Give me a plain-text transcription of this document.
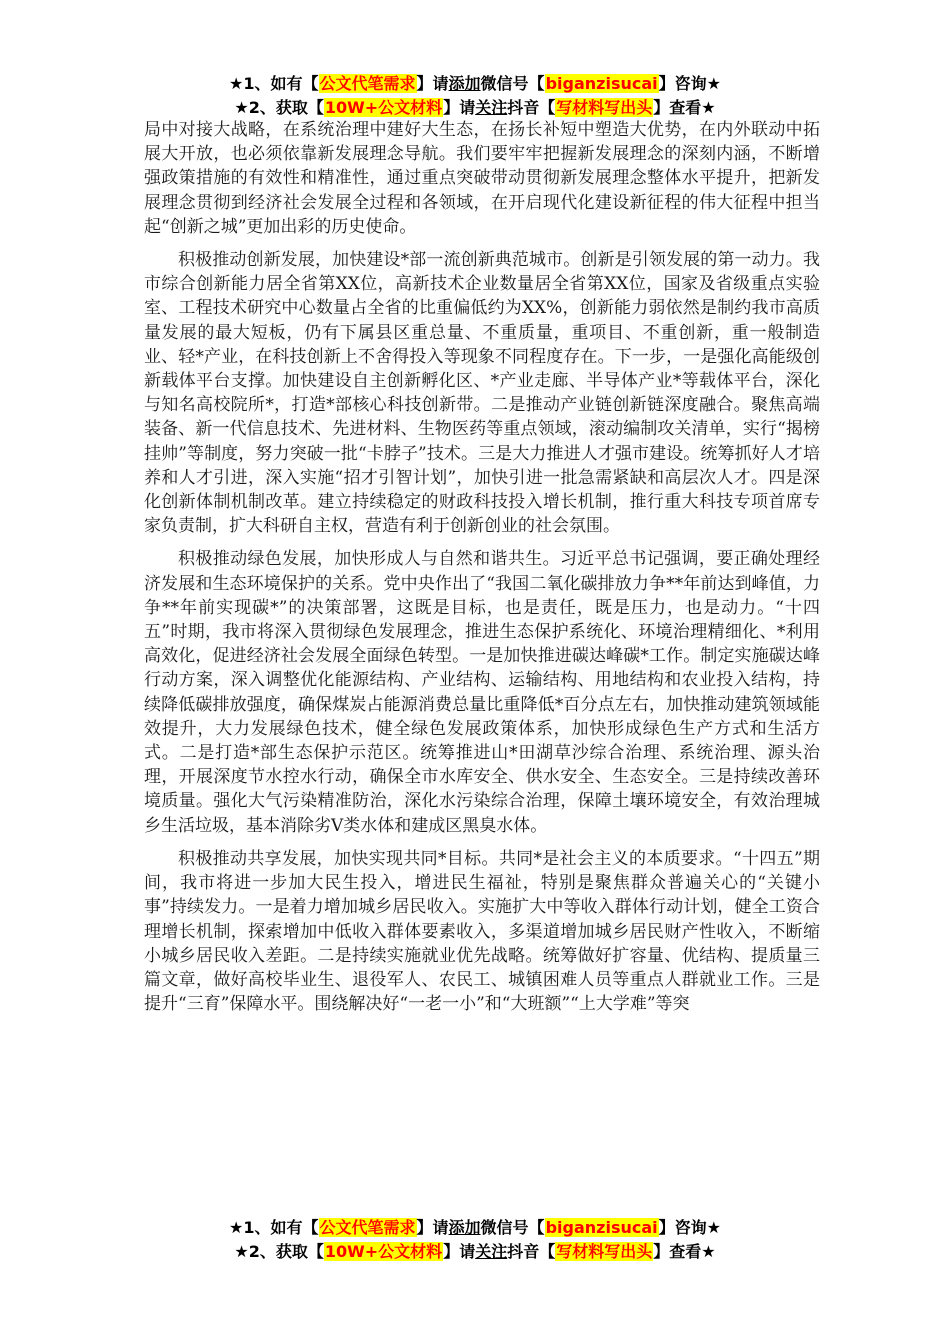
★1、如有【公文代笔需求】请添加微信号【biganzisucai】咨询★
★2、获取【10W+公文材料】请关注抖音【写材料写出头】查看★

局中对接大战略，在系统治理中建好大生态，在扬长补短中塑造大优势，在内外联动中拓展大开放，也必须依靠新发展理念导航。我们要牢牢把握新发展理念的深刻内涵，不断增强政策措施的有效性和精准性，通过重点突破带动贯彻新发展理念整体水平提升，把新发展理念贯彻到经济社会发展全过程和各领域，在开启现代化建设新征程的伟大征程中担当起“创新之城”更加出彩的历史使命。

积极推动创新发展，加快建设*部一流创新典范城市。创新是引领发展的第一动力。我市综合创新能力居全省第XX位，高新技术企业数量居全省第XX位，国家及省级重点实验室、工程技术研究中心数量占全省的比重偏低约为XX%，创新能力弱依然是制约我市高质量发展的最大短板，仍有下属县区重总量、不重质量，重项目、不重创新，重一般制造业、轻*产业，在科技创新上不舍得投入等现象不同程度存在。下一步，一是强化高能级创新载体平台支撑。加快建设自主创新孵化区、*产业走廊、半导体产业*等载体平台，深化与知名高校院所*，打造*部核心科技创新带。二是推动产业链创新链深度融合。聚焦高端装备、新一代信息技术、先进材料、生物医药等重点领域，滚动编制攻关清单，实行“揭榜挂帅”等制度，努力突破一批“卡脖子”技术。三是大力推进人才强市建设。统筹抓好人才培养和人才引进，深入实施“招才引智计划”，加快引进一批急需紧缺和高层次人才。四是深化创新体制机制改革。建立持续稳定的财政科技投入增长机制，推行重大科技专项首席专家负责制，扩大科研自主权，营造有利于创新创业的社会氛围。

积极推动绿色发展，加快形成人与自然和谐共生。习近平总书记强调，要正确处理经济发展和生态环境保护的关系。党中央作出了“我国二氧化碳排放力争**年前达到峰值，力争**年前实现碳*”的决策部署，这既是目标，也是责任，既是压力，也是动力。“十四五”时期，我市将深入贯彻绿色发展理念，推进生态保护系统化、环境治理精细化、*利用高效化，促进经济社会发展全面绿色转型。一是加快推进碳达峰碳*工作。制定实施碳达峰行动方案，深入调整优化能源结构、产业结构、运输结构、用地结构和农业投入结构，持续降低碳排放强度，确保煤炭占能源消费总量比重降低*百分点左右，加快推动建筑领域能效提升，大力发展绿色技术，健全绿色发展政策体系，加快形成绿色生产方式和生活方式。二是打造*部生态保护示范区。统筹推进山*田湖草沙综合治理、系统治理、源头治理，开展深度节水控水行动，确保全市水库安全、供水安全、生态安全。三是持续改善环境质量。强化大气污染精准防治，深化水污染综合治理，保障土壤环境安全，有效治理城乡生活垃圾，基本消除劣Ⅴ类水体和建成区黑臭水体。

积极推动共享发展，加快实现共同*目标。共同*是社会主义的本质要求。“十四五”期间，我市将进一步加大民生投入，增进民生福祉，特别是聚焦群众普遍关心的“关键小事”持续发力。一是着力增加城乡居民收入。实施扩大中等收入群体行动计划，健全工资合理增长机制，探索增加中低收入群体要素收入，多渠道增加城乡居民财产性收入，不断缩小城乡居民收入差距。二是持续实施就业优先战略。统筹做好扩容量、优结构、提质量三篇文章，做好高校毕业生、退役军人、农民工、城镇困难人员等重点人群就业工作。三是提升“三育”保障水平。围绕解决好“一老一小”和“大班额”“上大学难”等突

★1、如有【公文代笔需求】请添加微信号【biganzisucai】咨询★
★2、获取【10W+公文材料】请关注抖音【写材料写出头】查看★
